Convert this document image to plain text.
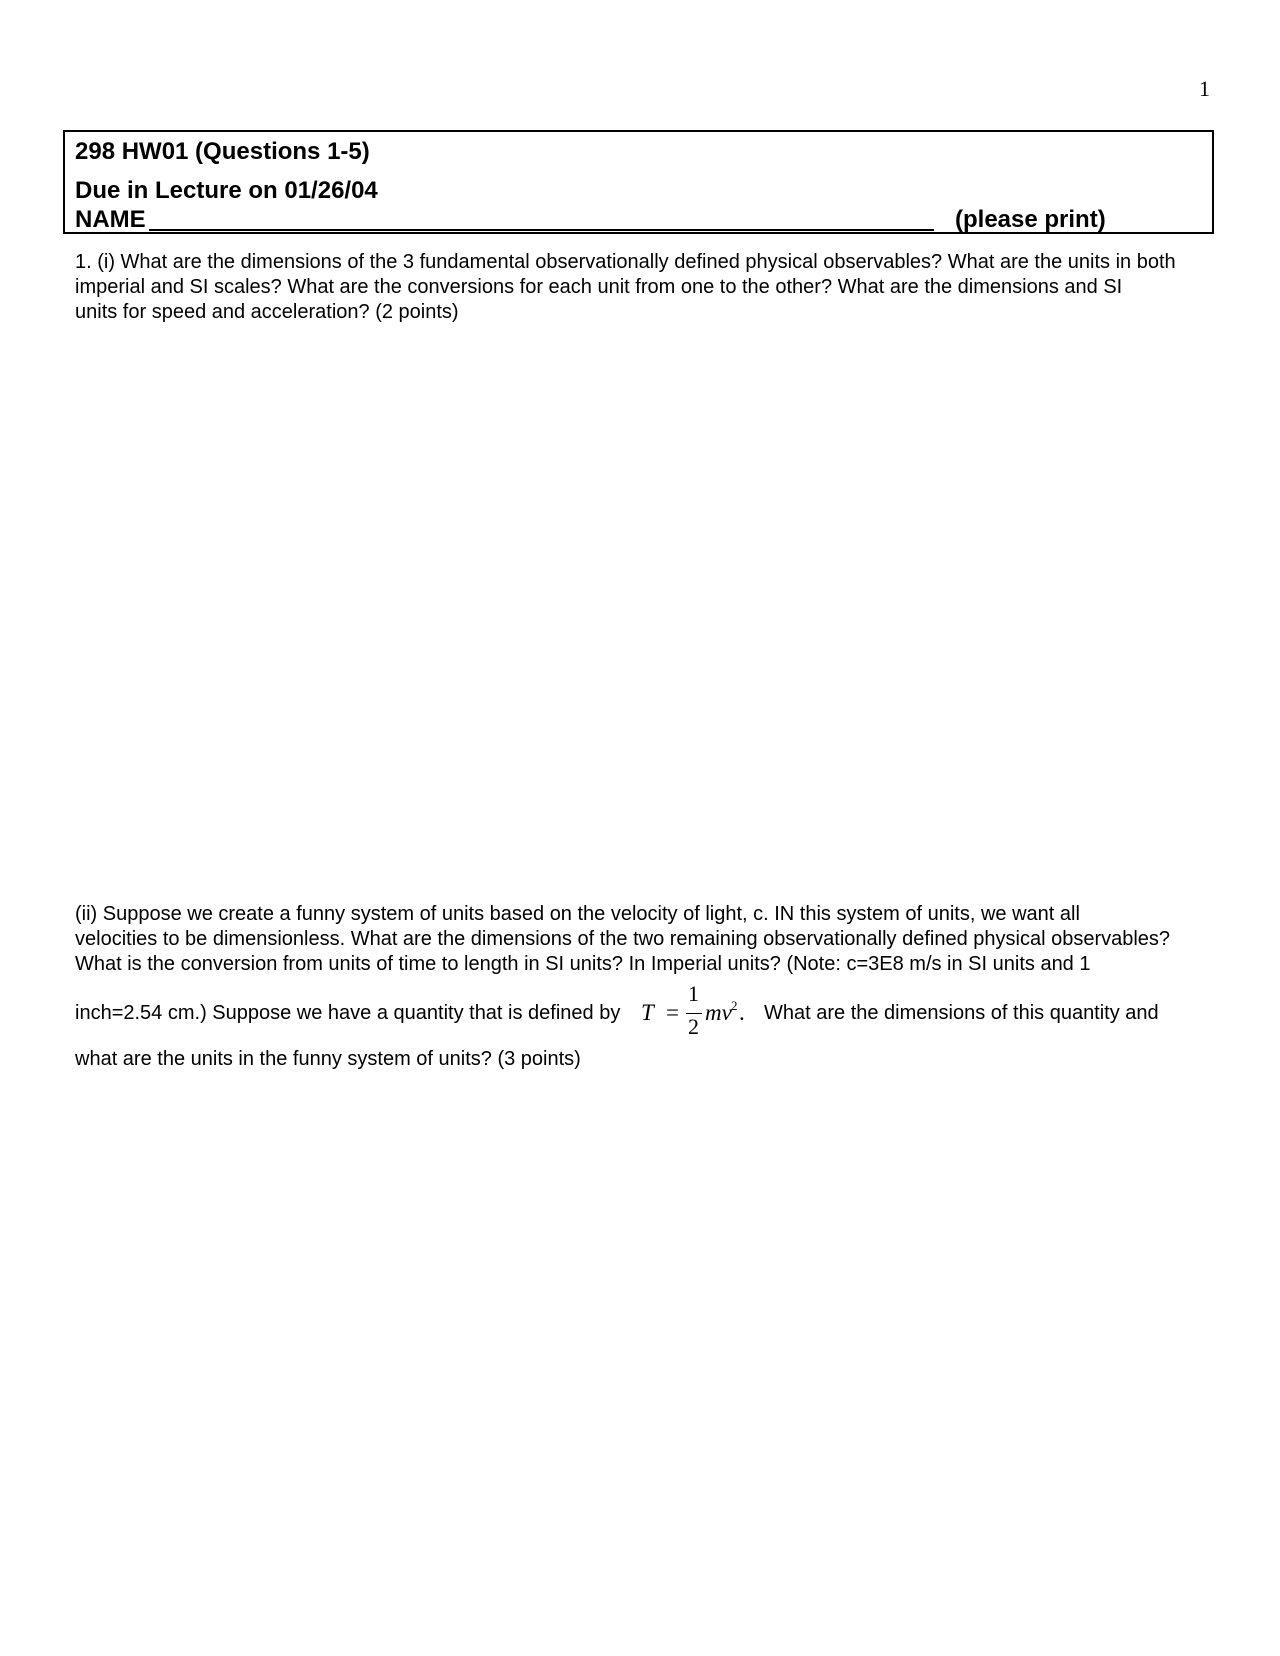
1
298 HW01 (Questions 1-5)
Due in Lecture on 01/26/04
NAME	(please print)
1. (i) What are the dimensions of the 3 fundamental observationally defined physical observables? What are the units in both
imperial and SI scales? What are the conversions for each unit from one to the other? What are the dimensions and SI
units for speed and acceleration? (2 points)
(ii) Suppose we create a funny system of units based on the velocity of light, c. IN this system of units, we want all
velocities to be dimensionless. What are the dimensions of the two remaining observationally defined physical observables?
What is the conversion from units of time to length in SI units? In Imperial units? (Note: c=3E8 m/s in SI units and 1
inch=2.54 cm.) Suppose we have a quantity that is defined by T =
1
2
mv 2 . What are the dimensions of this quantity and
what are the units in the funny system of units? (3 points)
